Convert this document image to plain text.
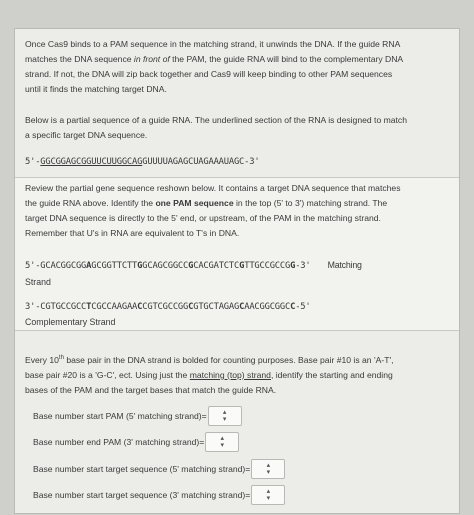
Once Cas9 binds to a PAM sequence in the matching strand, it unwinds the DNA. If the guide RNA
matches the DNA sequence in front of the PAM, the guide RNA will bind to the complementary DNA
strand. If not, the DNA will zip back together and Cas9 will keep binding to other PAM sequences
until it finds the matching target DNA.
Below is a partial sequence of a guide RNA. The underlined section of the RNA is designed to match
a specific target DNA sequence.
5'-GGCGGAGCGGUUCUUGGCAGGUUUUAGAGCUAGAAAUAGC-3'
Review the partial gene sequence reshown below. It contains a target DNA sequence that matches
the guide RNA above. Identify the one PAM sequence in the top (5' to 3') matching strand. The
target DNA sequence is directly to the 5' end, or upstream, of the PAM in the matching strand.
Remember that U's in RNA are equivalent to T's in DNA.
5'-GCACGGCGGAGCGGTTCTTGGCAGCGGCCGCACGATCTCGTTGCCGCCGG-3' Matching
Strand
3'-CGTGCCGCCTCGCCAAGAACCGTCGCCGGCGTGCTAGAGCAACGGCGGCC-5'
Complementary Strand
Every 10th base pair in the DNA strand is bolded for counting purposes. Base pair #10 is an 'A-T',
base pair #20 is a 'G-C', ect. Using just the matching (top) strand, identify the starting and ending
bases of the PAM and the target bases that match the guide RNA.
Base number start PAM (5' matching strand)= ▴
▾
Base number end PAM (3' matching strand)= ▴
▾
Base number start target sequence (5' matching strand)= ▴
▾
Base number start target sequence (3' matching strand)= ▴
▾
